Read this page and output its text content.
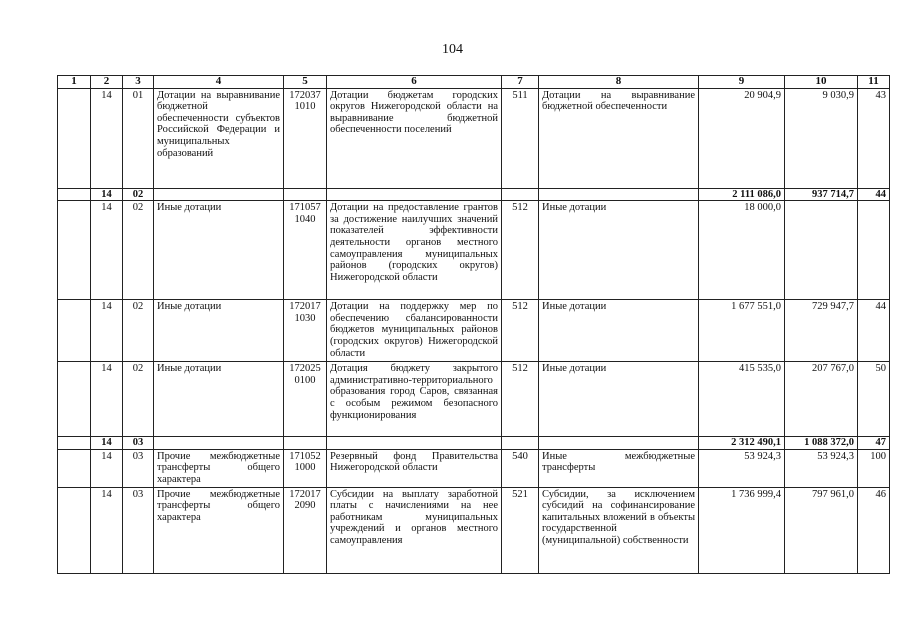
104
1	2	3	4	5	6	7	8	9	10	11
	14	01	Дотации на выравнивание бюджетной обеспеченности субъектов Российской Федерации и муниципальных образований	172037 1010	Дотации бюджетам городских округов Нижегородской области на выравнивание бюджетной обеспеченности поселений	511	Дотации на выравнивание бюджетной обеспеченности	20 904,9	9 030,9	43
	14	02						2 111 086,0	937 714,7	44
	14	02	Иные дотации	171057 1040	Дотации на предоставление грантов за достижение наилучших значений показателей эффективности деятельности органов местного самоуправления муниципальных районов (городских округов) Нижегородской области	512	Иные дотации	18 000,0		
	14	02	Иные дотации	172017 1030	Дотации на поддержку мер по обеспечению сбалансированности бюджетов муниципальных районов (городских округов) Нижегородской области	512	Иные дотации	1 677 551,0	729 947,7	44
	14	02	Иные дотации	172025 0100	Дотация бюджету закрытого административно-территориального образования город Саров, связанная с особым режимом безопасного функционирования	512	Иные дотации	415 535,0	207 767,0	50
	14	03						2 312 490,1	1 088 372,0	47
	14	03	Прочие межбюджетные трансферты общего характера	171052 1000	Резервный фонд Правительства Нижегородской области	540	Иные межбюджетные трансферты	53 924,3	53 924,3	100
	14	03	Прочие межбюджетные трансферты общего характера	172017 2090	Субсидии на выплату заработной платы с начислениями на нее работникам муниципальных учреждений и органов местного самоуправления	521	Субсидии, за исключением субсидий на софинансирование капитальных вложений в объекты государственной (муниципальной) собственности	1 736 999,4	797 961,0	46
